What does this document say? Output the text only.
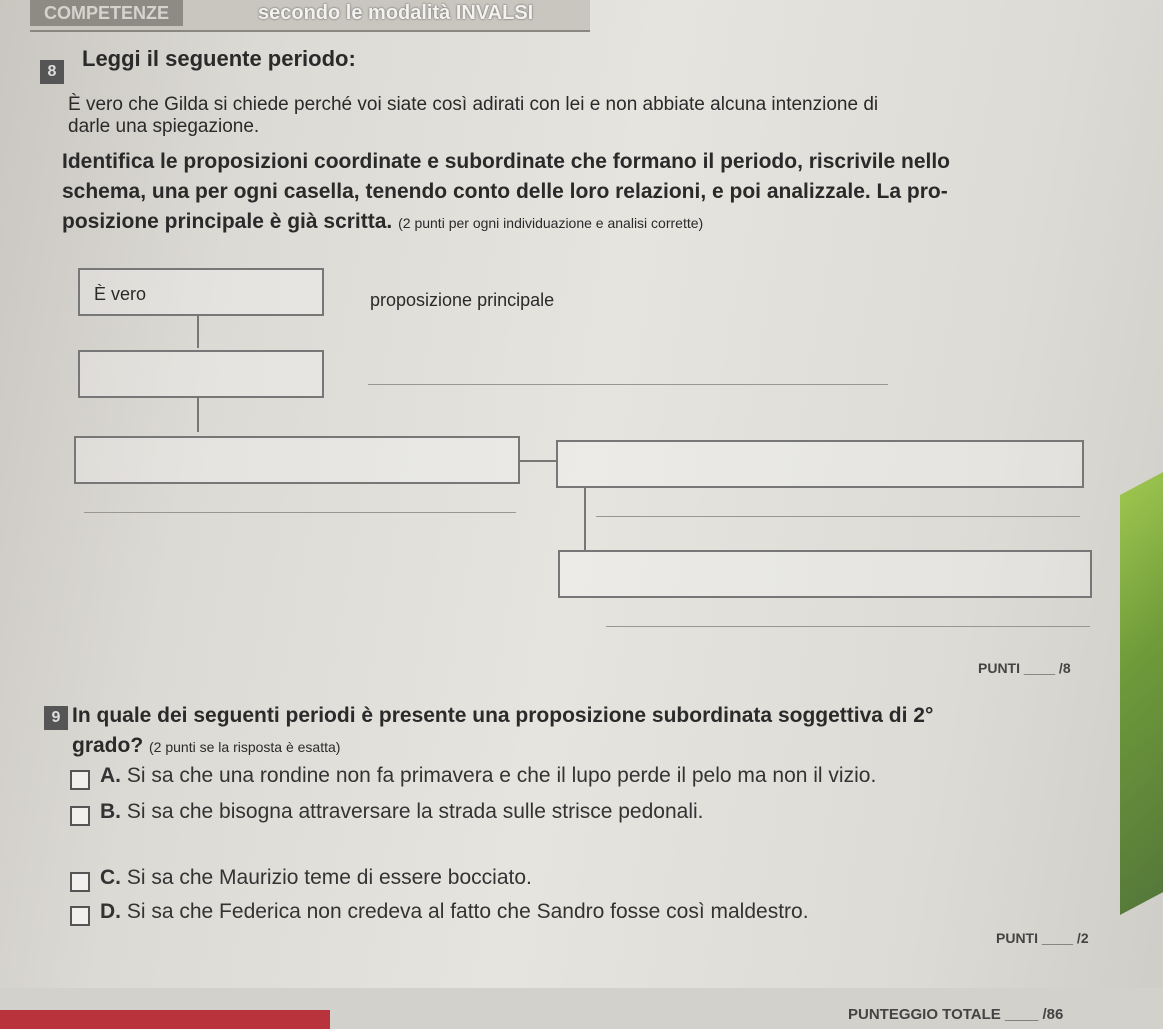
COMPETENZE	secondo le modalità INVALSI
8
Leggi il seguente periodo:
È vero che Gilda si chiede perché voi siate così adirati con lei e non abbiate alcuna intenzione di
darle una spiegazione.
Identifica le proposizioni coordinate e subordinate che formano il periodo, riscrivile nello
schema, una per ogni casella, tenendo conto delle loro relazioni, e poi analizzale. La pro-
posizione principale è già scritta. (2 punti per ogni individuazione e analisi corrette)
È vero	proposizione principale
PUNTI ____ /8
9 In quale dei seguenti periodi è presente una proposizione subordinata soggettiva di 2°
grado? (2 punti se la risposta è esatta)
A. Si sa che una rondine non fa primavera e che il lupo perde il pelo ma non il vizio.
B. Si sa che bisogna attraversare la strada sulle strisce pedonali.
C. Si sa che Maurizio teme di essere bocciato.
D. Si sa che Federica non credeva al fatto che Sandro fosse così maldestro.
PUNTI ____ /2
PUNTEGGIO TOTALE ____ /86
